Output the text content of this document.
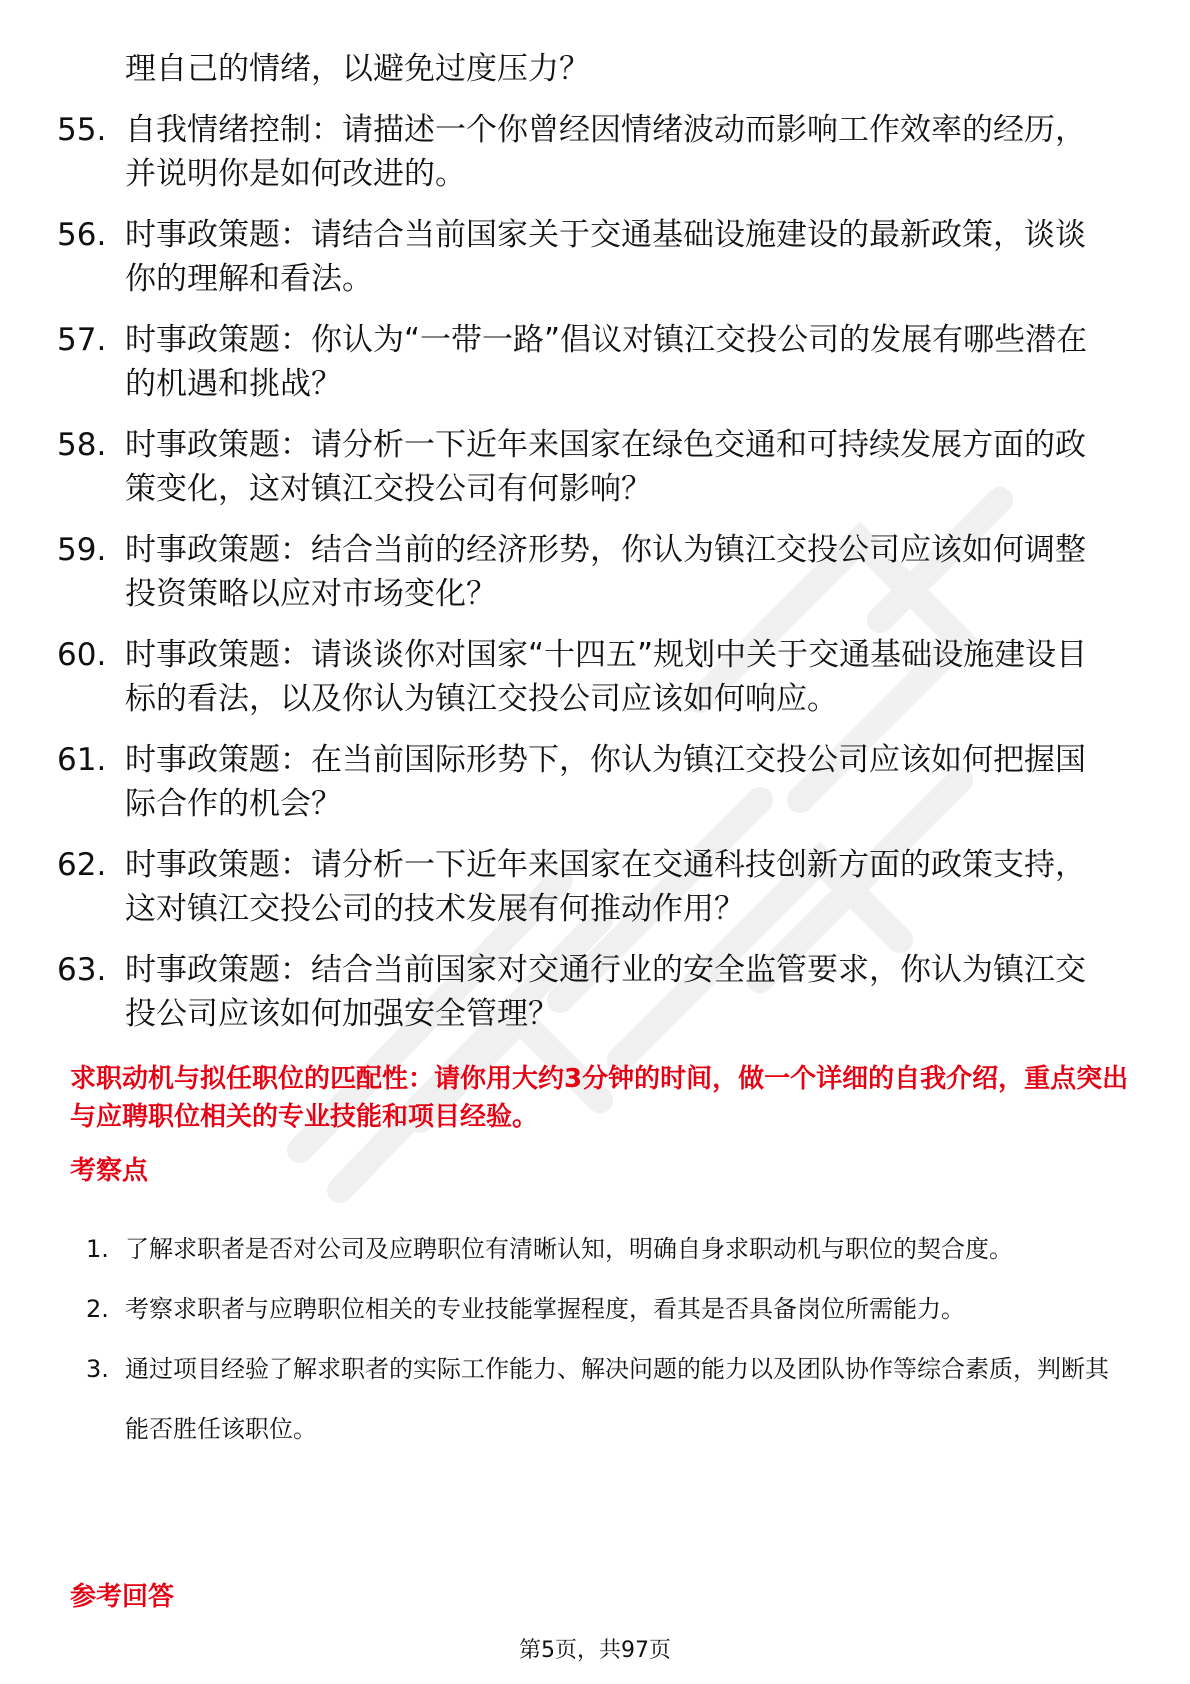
理自己的情绪，以避免过度压力？
55. 自我情绪控制：请描述一个你曾经因情绪波动而影响工作效率的经历，并说明你是如何改进的。
56. 时事政策题：请结合当前国家关于交通基础设施建设的最新政策，谈谈你的理解和看法。
57. 时事政策题：你认为“一带一路”倡议对镇江交投公司的发展有哪些潜在的机遇和挑战？
58. 时事政策题：请分析一下近年来国家在绿色交通和可持续发展方面的政策变化，这对镇江交投公司有何影响？
59. 时事政策题：结合当前的经济形势，你认为镇江交投公司应该如何调整投资策略以应对市场变化？
60. 时事政策题：请谈谈你对国家“十四五”规划中关于交通基础设施建设目标的看法，以及你认为镇江交投公司应该如何响应。
61. 时事政策题：在当前国际形势下，你认为镇江交投公司应该如何把握国际合作的机会？
62. 时事政策题：请分析一下近年来国家在交通科技创新方面的政策支持，这对镇江交投公司的技术发展有何推动作用？
63. 时事政策题：结合当前国家对交通行业的安全监管要求，你认为镇江交投公司应该如何加强安全管理？
求职动机与拟任职位的匹配性：请你用大约3分钟的时间，做一个详细的自我介绍，重点突出与应聘职位相关的专业技能和项目经验。
考察点
1. 了解求职者是否对公司及应聘职位有清晰认知，明确自身求职动机与职位的契合度。
2. 考察求职者与应聘职位相关的专业技能掌握程度，看其是否具备岗位所需能力。
3. 通过项目经验了解求职者的实际工作能力、解决问题的能力以及团队协作等综合素质，判断其能否胜任该职位。
参考回答
第5页，共97页
